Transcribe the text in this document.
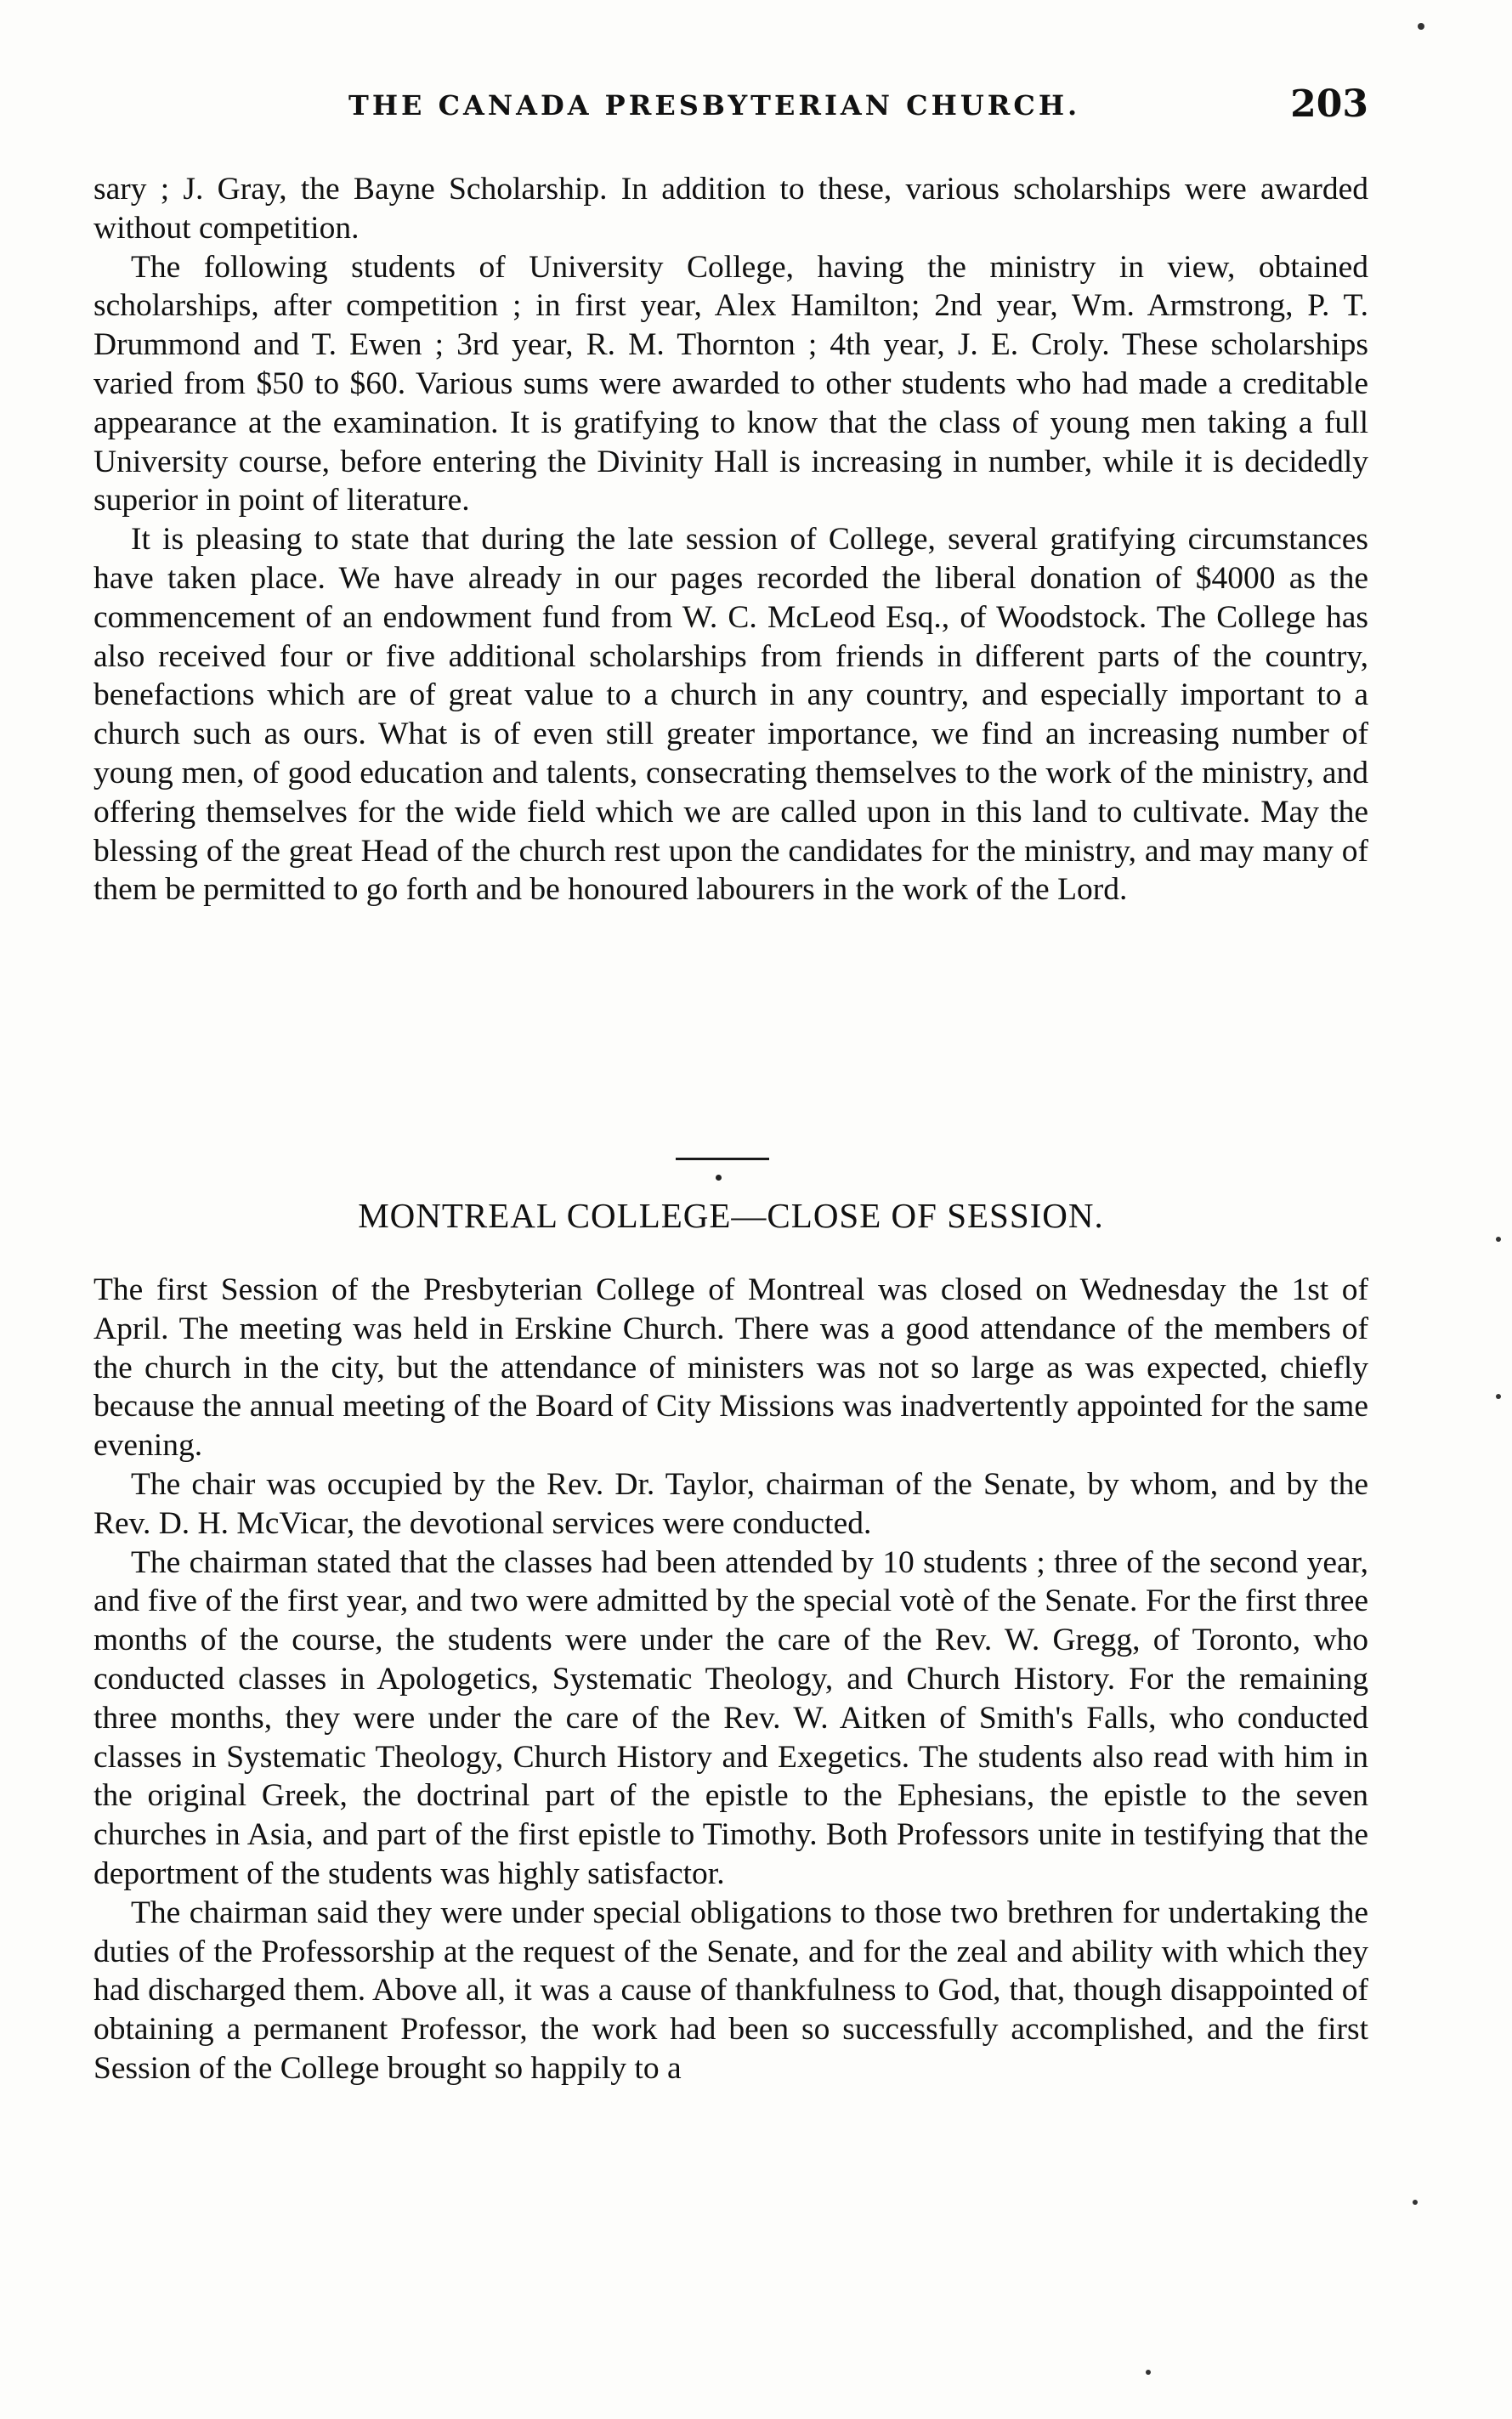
THE CANADA PRESBYTERIAN CHURCH.	203

sary ; J. Gray, the Bayne Scholarship. In addition to these, various scholarships were awarded without competition.

The following students of University College, having the ministry in view, obtained scholarships, after competition ; in first year, Alex Hamilton; 2nd year, Wm. Armstrong, P. T. Drummond and T. Ewen ; 3rd year, R. M. Thornton ; 4th year, J. E. Croly. These scholarships varied from $50 to $60. Various sums were awarded to other students who had made a creditable appearance at the examination. It is gratifying to know that the class of young men taking a full University course, before entering the Divinity Hall is increasing in number, while it is decidedly superior in point of literature.

It is pleasing to state that during the late session of College, several gratifying circumstances have taken place. We have already in our pages recorded the liberal donation of $4000 as the commencement of an endowment fund from W. C. McLeod Esq., of Woodstock. The College has also received four or five additional scholarships from friends in different parts of the country, benefactions which are of great value to a church in any country, and especially important to a church such as ours. What is of even still greater importance, we find an increasing number of young men, of good education and talents, consecrating themselves to the work of the ministry, and offering themselves for the wide field which we are called upon in this land to cultivate. May the blessing of the great Head of the church rest upon the candidates for the ministry, and may many of them be permitted to go forth and be honoured labourers in the work of the Lord.

MONTREAL COLLEGE—CLOSE OF SESSION.

The first Session of the Presbyterian College of Montreal was closed on Wednesday the 1st of April. The meeting was held in Erskine Church. There was a good attendance of the members of the church in the city, but the attendance of ministers was not so large as was expected, chiefly because the annual meeting of the Board of City Missions was inadvertently appointed for the same evening.

The chair was occupied by the Rev. Dr. Taylor, chairman of the Senate, by whom, and by the Rev. D. H. McVicar, the devotional services were conducted.

The chairman stated that the classes had been attended by 10 students ; three of the second year, and five of the first year, and two were admitted by the special votè of the Senate. For the first three months of the course, the students were under the care of the Rev. W. Gregg, of Toronto, who conducted classes in Apologetics, Systematic Theology, and Church History. For the remaining three months, they were under the care of the Rev. W. Aitken of Smith's Falls, who conducted classes in Systematic Theology, Church History and Exegetics. The students also read with him in the original Greek, the doctrinal part of the epistle to the Ephesians, the epistle to the seven churches in Asia, and part of the first epistle to Timothy. Both Professors unite in testifying that the deportment of the students was highly satisfactor.

The chairman said they were under special obligations to those two brethren for undertaking the duties of the Professorship at the request of the Senate, and for the zeal and ability with which they had discharged them. Above all, it was a cause of thankfulness to God, that, though disappointed of obtaining a permanent Professor, the work had been so successfully accomplished, and the first Session of the College brought so happily to a
